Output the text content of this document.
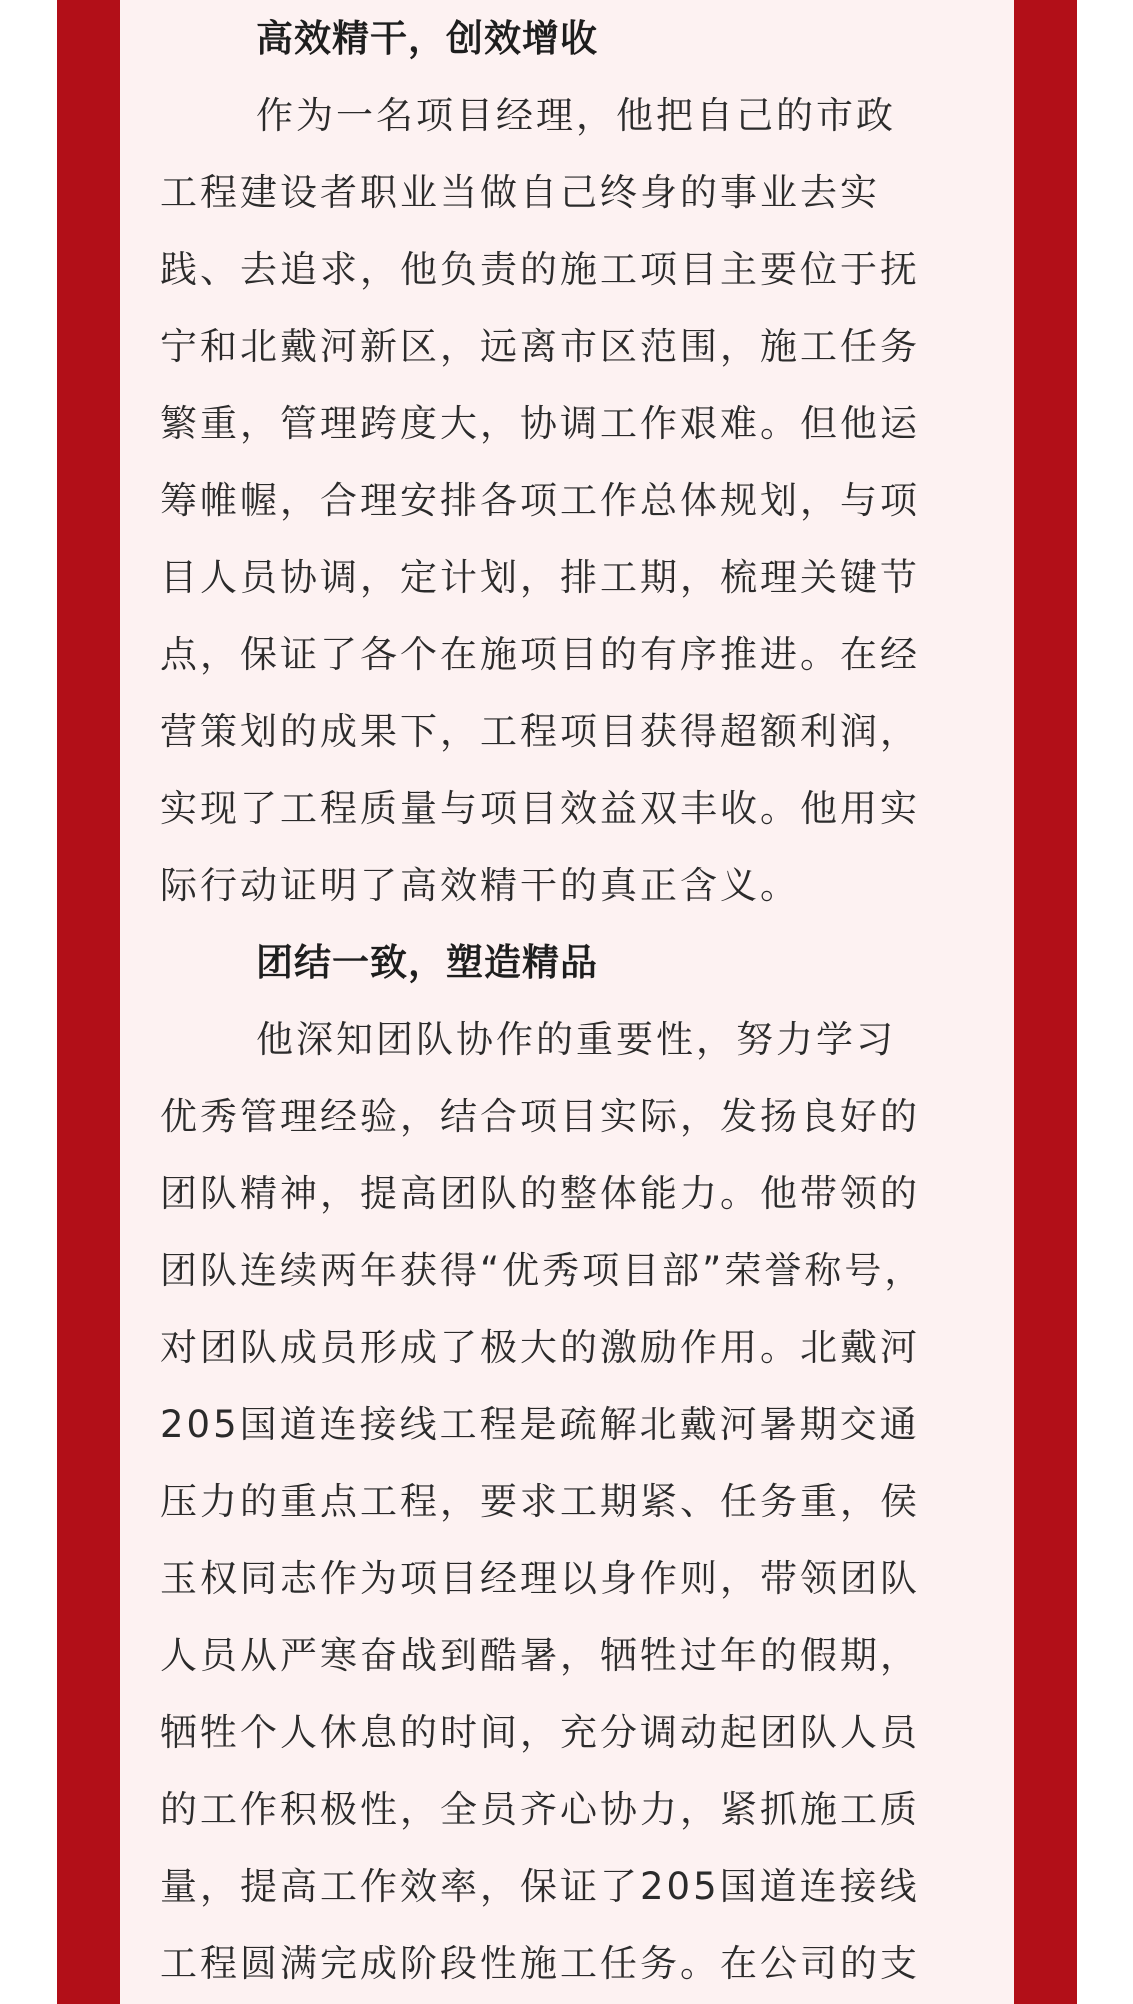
高效精干，创效增收
作为一名项目经理，他把自己的市政
工程建设者职业当做自己终身的事业去实
践、去追求，他负责的施工项目主要位于抚
宁和北戴河新区，远离市区范围，施工任务
繁重，管理跨度大，协调工作艰难。但他运
筹帷幄，合理安排各项工作总体规划，与项
目人员协调，定计划，排工期，梳理关键节
点，保证了各个在施项目的有序推进。在经
营策划的成果下，工程项目获得超额利润，
实现了工程质量与项目效益双丰收。他用实
际行动证明了高效精干的真正含义。
团结一致，塑造精品
他深知团队协作的重要性，努力学习
优秀管理经验，结合项目实际，发扬良好的
团队精神，提高团队的整体能力。他带领的
团队连续两年获得“优秀项目部”荣誉称号，
对团队成员形成了极大的激励作用。北戴河
205国道连接线工程是疏解北戴河暑期交通
压力的重点工程，要求工期紧、任务重，侯
玉权同志作为项目经理以身作则，带领团队
人员从严寒奋战到酷暑，牺牲过年的假期，
牺牲个人休息的时间，充分调动起团队人员
的工作积极性，全员齐心协力，紧抓施工质
量，提高工作效率，保证了205国道连接线
工程圆满完成阶段性施工任务。在公司的支
